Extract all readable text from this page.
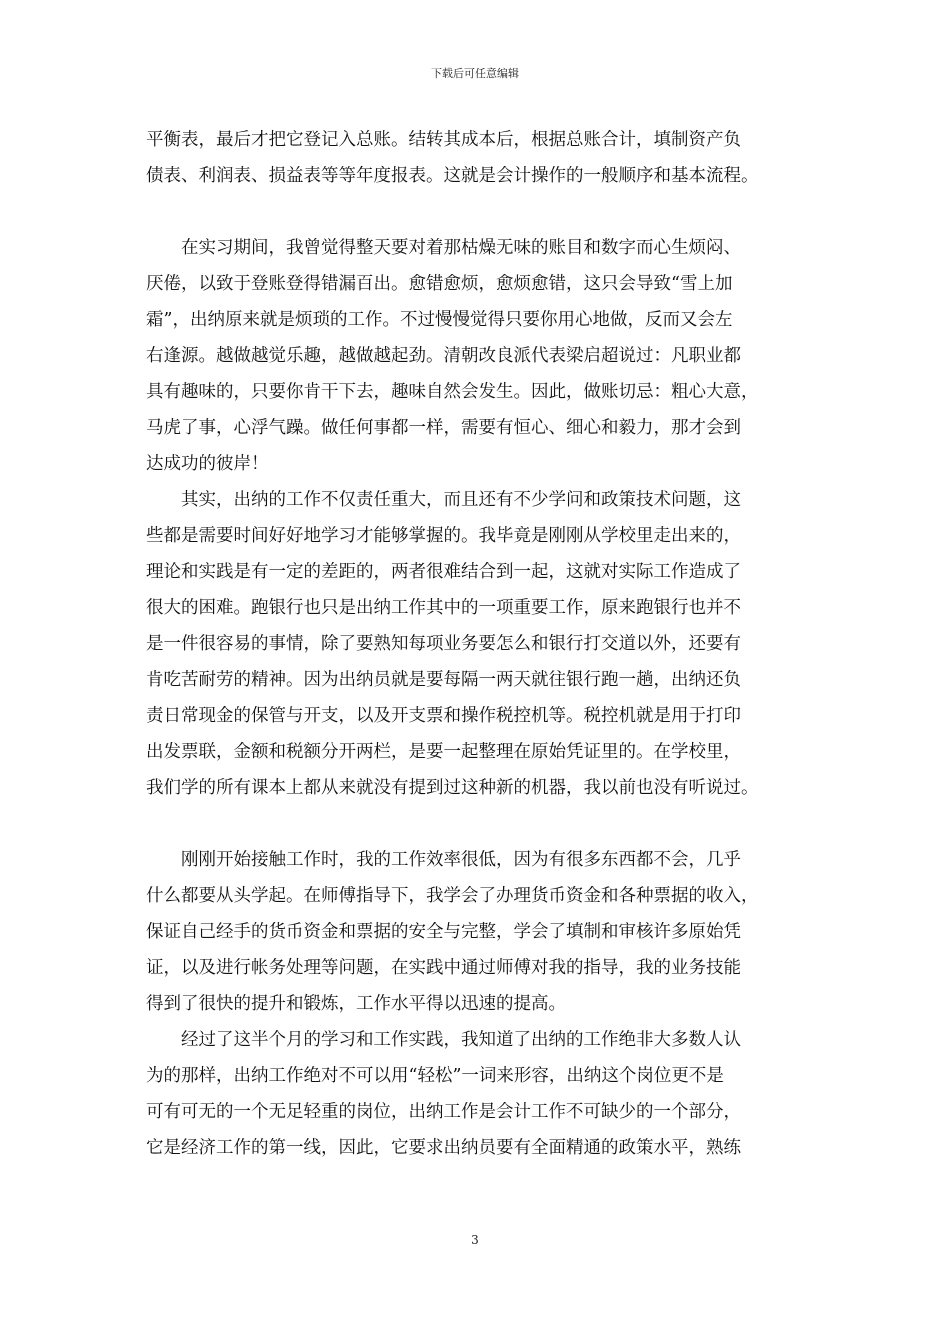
下载后可任意编辑
平衡表，最后才把它登记入总账。结转其成本后，根据总账合计，填制资产负
债表、利润表、损益表等等年度报表。这就是会计操作的一般顺序和基本流程。
　　在实习期间，我曾觉得整天要对着那枯燥无味的账目和数字而心生烦闷、
厌倦，以致于登账登得错漏百出。愈错愈烦，愈烦愈错，这只会导致“雪上加
霜”，出纳原来就是烦琐的工作。不过慢慢觉得只要你用心地做，反而又会左
右逢源。越做越觉乐趣，越做越起劲。清朝改良派代表梁启超说过：凡职业都
具有趣味的，只要你肯干下去，趣味自然会发生。因此，做账切忌：粗心大意，
马虎了事，心浮气躁。做任何事都一样，需要有恒心、细心和毅力，那才会到
达成功的彼岸！
　　其实，出纳的工作不仅责任重大，而且还有不少学问和政策技术问题，这
些都是需要时间好好地学习才能够掌握的。我毕竟是刚刚从学校里走出来的，
理论和实践是有一定的差距的，两者很难结合到一起，这就对实际工作造成了
很大的困难。跑银行也只是出纳工作其中的一项重要工作，原来跑银行也并不
是一件很容易的事情，除了要熟知每项业务要怎么和银行打交道以外，还要有
肯吃苦耐劳的精神。因为出纳员就是要每隔一两天就往银行跑一趟，出纳还负
责日常现金的保管与开支，以及开支票和操作税控机等。税控机就是用于打印
出发票联，金额和税额分开两栏，是要一起整理在原始凭证里的。在学校里，
我们学的所有课本上都从来就没有提到过这种新的机器，我以前也没有听说过。
　　刚刚开始接触工作时，我的工作效率很低，因为有很多东西都不会，几乎
什么都要从头学起。在师傅指导下，我学会了办理货币资金和各种票据的收入，
保证自己经手的货币资金和票据的安全与完整，学会了填制和审核许多原始凭
证，以及进行帐务处理等问题，在实践中通过师傅对我的指导，我的业务技能
得到了很快的提升和锻炼，工作水平得以迅速的提高。
　　经过了这半个月的学习和工作实践，我知道了出纳的工作绝非大多数人认
为的那样，出纳工作绝对不可以用“轻松”一词来形容，出纳这个岗位更不是
可有可无的一个无足轻重的岗位，出纳工作是会计工作不可缺少的一个部分，
它是经济工作的第一线，因此，它要求出纳员要有全面精通的政策水平，熟练
3
